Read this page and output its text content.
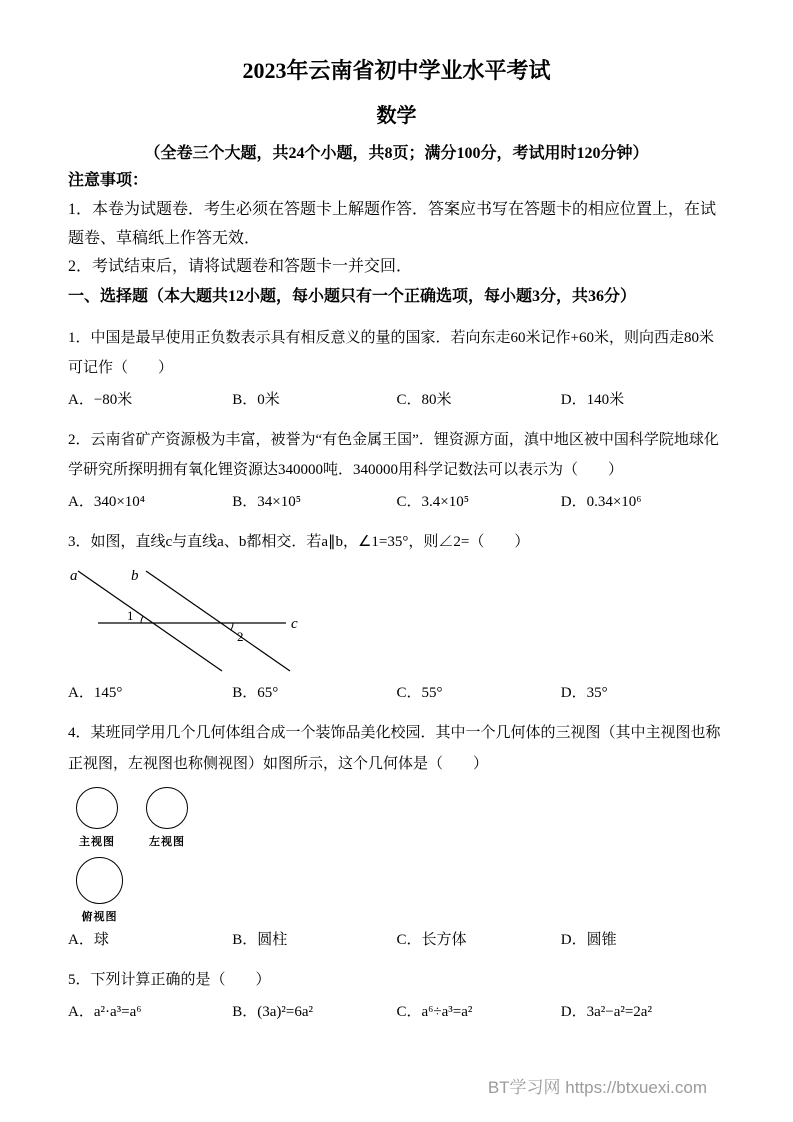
2023年云南省初中学业水平考试
数学
（全卷三个大题，共24个小题，共8页；满分100分，考试用时120分钟）
注意事项：
1．本卷为试题卷．考生必须在答题卡上解题作答．答案应书写在答题卡的相应位置上，在试题卷、草稿纸上作答无效．
2．考试结束后，请将试题卷和答题卡一并交回．
一、选择题（本大题共12小题，每小题只有一个正确选项，每小题3分，共36分）

1．中国是最早使用正负数表示具有相反意义的量的国家．若向东走60米记作+60米，则向西走80米可记作（　　）

A．−80米	B．0米	C．80米	D．140米

2．云南省矿产资源极为丰富，被誉为“有色金属王国”．锂资源方面，滇中地区被中国科学院地球化学研究所探明拥有氧化锂资源达340000吨．340000用科学记数法可以表示为（　　）

A．340×10⁴	B．34×10⁵	C．3.4×10⁵	D．0.34×10⁶

3．如图，直线c与直线a、b都相交．若a∥b，∠1=35°，则∠2=（　　）

a	b
c
1
2
A．145°	B．65°	C．55°	D．35°

4．某班同学用几个几何体组合成一个装饰品美化校园．其中一个几何体的三视图（其中主视图也称正视图，左视图也称侧视图）如图所示，这个几何体是（　　）

主视图	左视图
俯视图
A．球	B．圆柱	C．长方体	D．圆锥

5．下列计算正确的是（　　）

A．a²·a³=a⁶	B．(3a)²=6a²	C．a⁶÷a³=a²	D．3a²−a²=2a²
BT学习网 https://btxuexi.com
